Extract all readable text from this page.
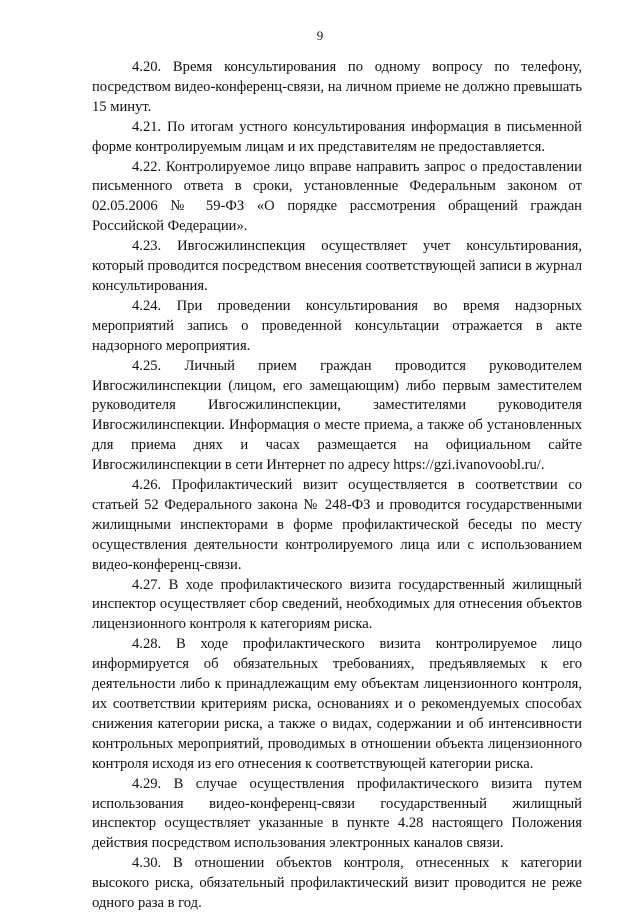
9

4.20. Время консультирования по одному вопросу по телефону, посредством видео-конференц-связи, на личном приеме не должно превышать 15 минут.

4.21. По итогам устного консультирования информация в письменной форме контролируемым лицам и их представителям не предоставляется.

4.22. Контролируемое лицо вправе направить запрос о предоставлении письменного ответа в сроки, установленные Федеральным законом от 02.05.2006 № 59-ФЗ «О порядке рассмотрения обращений граждан Российской Федерации».

4.23. Ивгосжилинспекция осуществляет учет консультирования, который проводится посредством внесения соответствующей записи в журнал консультирования.

4.24. При проведении консультирования во время надзорных мероприятий запись о проведенной консультации отражается в акте надзорного мероприятия.

4.25. Личный прием граждан проводится руководителем Ивгосжилинспекции (лицом, его замещающим) либо первым заместителем руководителя Ивгосжилинспекции, заместителями руководителя Ивгосжилинспекции. Информация о месте приема, а также об установленных для приема днях и часах размещается на официальном сайте Ивгосжилинспекции в сети Интернет по адресу https://gzi.ivanovoobl.ru/.

4.26. Профилактический визит осуществляется в соответствии со статьей 52 Федерального закона № 248-ФЗ и проводится государственными жилищными инспекторами в форме профилактической беседы по месту осуществления деятельности контролируемого лица или с использованием видео-конференц-связи.

4.27. В ходе профилактического визита государственный жилищный инспектор осуществляет сбор сведений, необходимых для отнесения объектов лицензионного контроля к категориям риска.

4.28. В ходе профилактического визита контролируемое лицо информируется об обязательных требованиях, предъявляемых к его деятельности либо к принадлежащим ему объектам лицензионного контроля, их соответствии критериям риска, основаниях и о рекомендуемых способах снижения категории риска, а также о видах, содержании и об интенсивности контрольных мероприятий, проводимых в отношении объекта лицензионного контроля исходя из его отнесения к соответствующей категории риска.

4.29. В случае осуществления профилактического визита путем использования видео-конференц-связи государственный жилищный инспектор осуществляет указанные в пункте 4.28 настоящего Положения действия посредством использования электронных каналов связи.

4.30. В отношении объектов контроля, отнесенных к категории высокого риска, обязательный профилактический визит проводится не реже одного раза в год.
